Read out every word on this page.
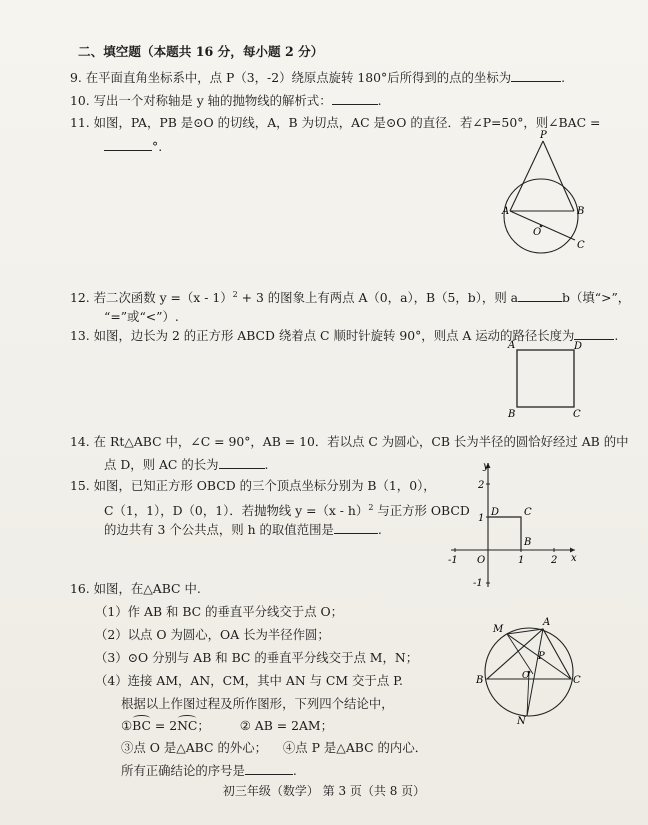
二、填空题（本题共 16 分，每小题 2 分）
9. 在平面直角坐标系中，点 P（3，-2）绕原点旋转 180°后所得到的点的坐标为	.
10. 写出一个对称轴是 y 轴的抛物线的解析式：	.
11. 如图，PA，PB 是⊙O 的切线，A，B 为切点，AC 是⊙O 的直径．若∠P=50°，则∠BAC =
°.
P
A	B
O
C
12. 若二次函数 y =（x - 1）$^2$ + 3 的图象上有两点 A（0，a），B（5，b），则 a	b（填“>”，
“=”或“<”）.
13. 如图，边长为 2 的正方形 ABCD 绕着点 C 顺时针旋转 90°，则点 A 运动的路径长度为	.
A	D
B	C
14. 在 Rt△ABC 中，∠C = 90°，AB = 10．若以点 C 为圆心，CB 长为半径的圆恰好经过 AB 的中
点 D，则 AC 的长为	.
15. 如图，已知正方形 OBCD 的三个顶点坐标分别为 B（1，0），
C（1，1），D（0，1）．若抛物线 y =（x - h）$^2$ 与正方形 OBCD
的边共有 3 个公共点，则 h 的取值范围是	.
y
x
-1 O	1	2
2
1
-1
D C
B
16. 如图，在△ABC 中.
（1）作 AB 和 BC 的垂直平分线交于点 O；
（2）以点 O 为圆心，OA 长为半径作圆；
（3）⊙O 分别与 AB 和 BC 的垂直平分线交于点 M，N；
（4）连接 AM，AN，CM，其中 AN 与 CM 交于点 P.
根据以上作图过程及所作图形，下列四个结论中，
①BC = 2NC； ② AB = 2AM；
③点 O 是△ABC 的外心； ④点 P 是△ABC 的内心．
所有正确结论的序号是	.
M
A
B	C
O
P
N
初三年级（数学） 第 3 页（共 8 页）
